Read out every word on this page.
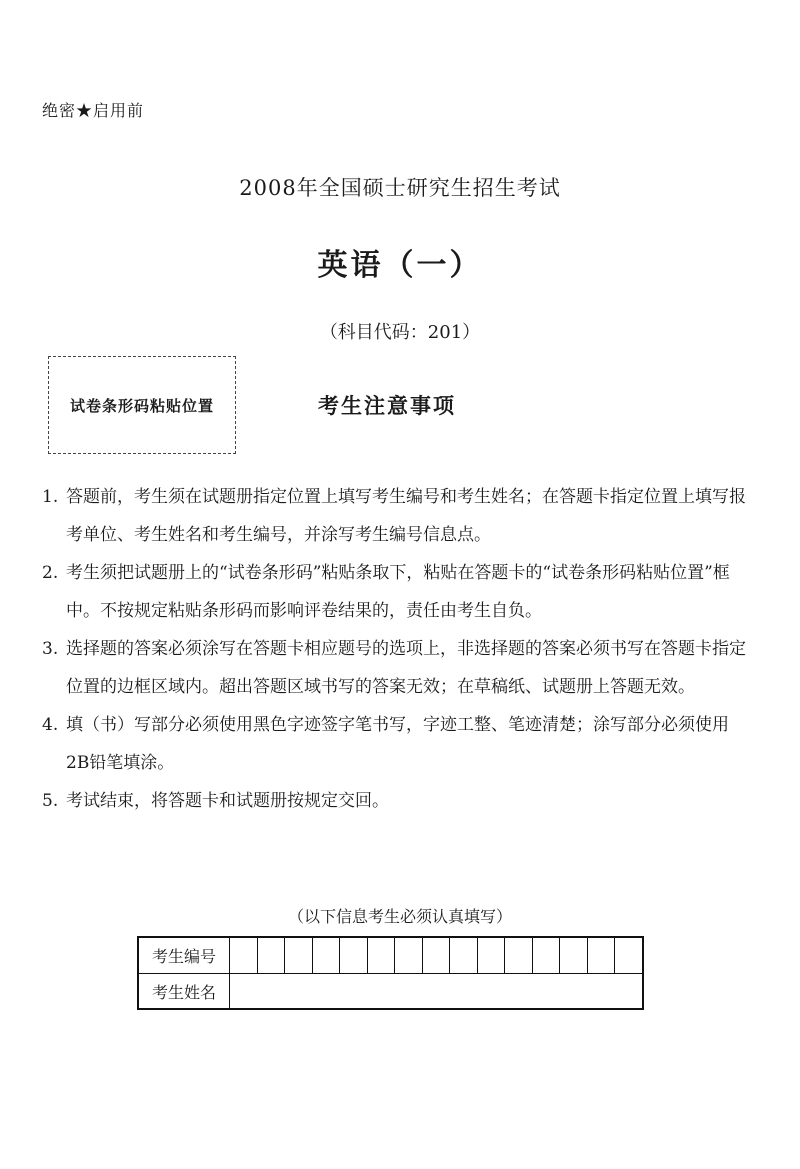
绝密★启用前
2008年全国硕士研究生招生考试
英语（一）
（科目代码：201）
试卷条形码粘贴位置	考生注意事项
1. 答题前，考生须在试题册指定位置上填写考生编号和考生姓名；在答题卡指定位置上填写报考单位、考生姓名和考生编号，并涂写考生编号信息点。
2. 考生须把试题册上的“试卷条形码”粘贴条取下，粘贴在答题卡的“试卷条形码粘贴位置”框中。不按规定粘贴条形码而影响评卷结果的，责任由考生自负。
3. 选择题的答案必须涂写在答题卡相应题号的选项上，非选择题的答案必须书写在答题卡指定位置的边框区域内。超出答题区域书写的答案无效；在草稿纸、试题册上答题无效。
4. 填（书）写部分必须使用黑色字迹签字笔书写，字迹工整、笔迹清楚；涂写部分必须使用2B铅笔填涂。
5. 考试结束，将答题卡和试题册按规定交回。
（以下信息考生必须认真填写）
考生编号
考生姓名
